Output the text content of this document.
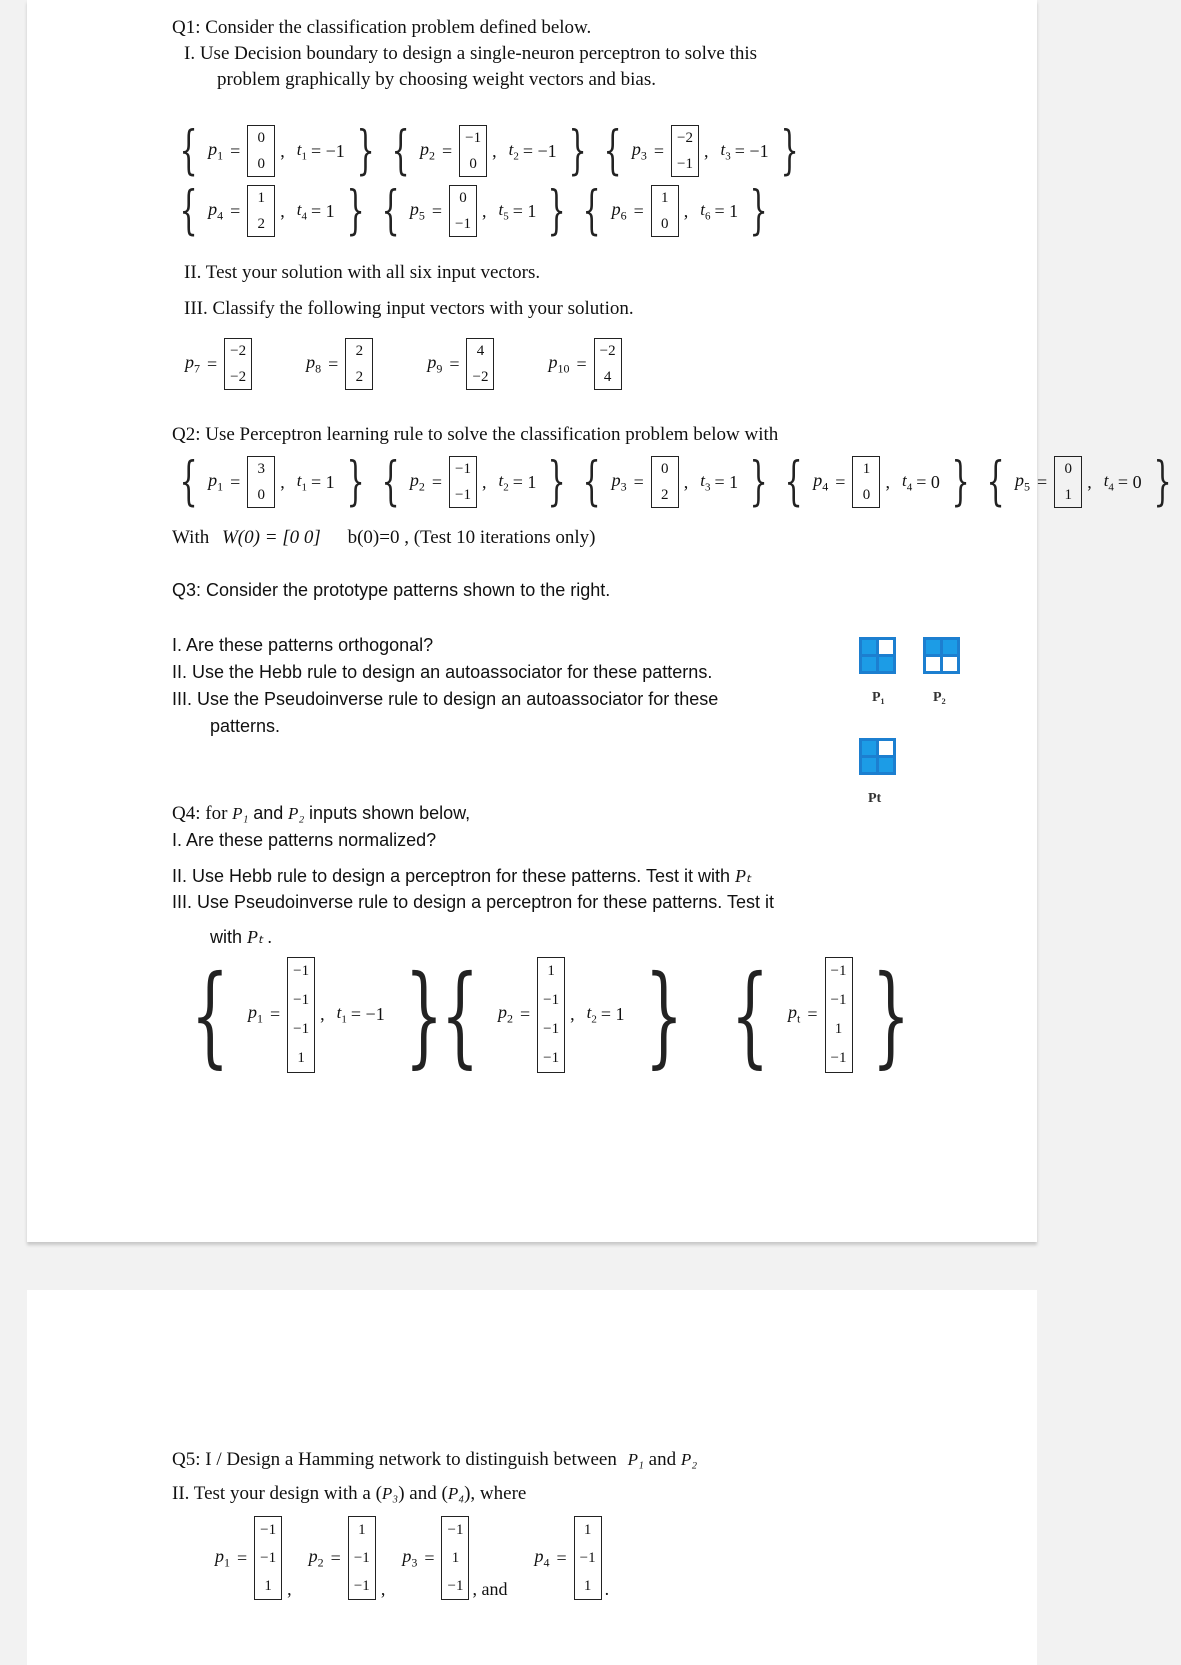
Q1: Consider the classification problem defined below.
I. Use Decision boundary to design a single-neuron perceptron to solve this
problem graphically by choosing weight vectors and bias.
{ $p_1$ =
0
0
, $t_1 = -1$ } { $p_2$ =
−1
0
, $t_2 = -1$ } { $p_3$ =
−2
−1
, $t_3 = -1$ }
{ $p_4$ =
1
2
, $t_4 = 1$ } { $p_5$ =
0
−1
, $t_5 = 1$ } { $p_6$ =
1
0
, $t_6 = 1$ }
II. Test your solution with all six input vectors.
III. Classify the following input vectors with your solution.
$p_7$ =
−2
−2
$p_8$ =
2
2
$p_9$ =
4
−2
$p_{10}$ =
−2
4
Q2: Use Perceptron learning rule to solve the classification problem below with
{ $p_1$ =
3
0
, $t_1 = 1$ } { $p_2$ =
−1
−1
, $t_2 = 1$ } { $p_3$ =
0
2
, $t_3 = 1$ } { $p_4$ =
1
0
, $t_4 = 0$ } { $p_5$ =
0
1
, $t_4 = 0$ }
With W(0) = [0 0] b(0)=0 , (Test 10 iterations only)
Q3: Consider the prototype patterns shown to the right.
I. Are these patterns orthogonal?
II. Use the Hebb rule to design an autoassociator for these patterns.
III. Use the Pseudoinverse rule to design an autoassociator for these
patterns.
P₁	P₂
Pt
Q4: for P₁ and P₂ inputs shown below,
I. Are these patterns normalized?
II. Use Hebb rule to design a perceptron for these patterns. Test it with Pₜ
III. Use Pseudoinverse rule to design a perceptron for these patterns. Test it
with Pₜ .
{ $p_1$ =
−1
−1
−1
1
, $t_1 = -1$ }
{ $p_2$ =
1
−1
−1
−1
, $t_2 = 1$ } { $p_t$ =
−1
−1
1
−1 }
Q5: I / Design a Hamming network to distinguish between P₁ and P₂
II. Test your design with a (P₃) and (P₄), where
$p_1$ =
−1
−1
1 ,
$p_2$ =
1
−1
−1 ,
$p_3$ =
−1
1
−1 , and
$p_4$ =
1
−1
1 .
